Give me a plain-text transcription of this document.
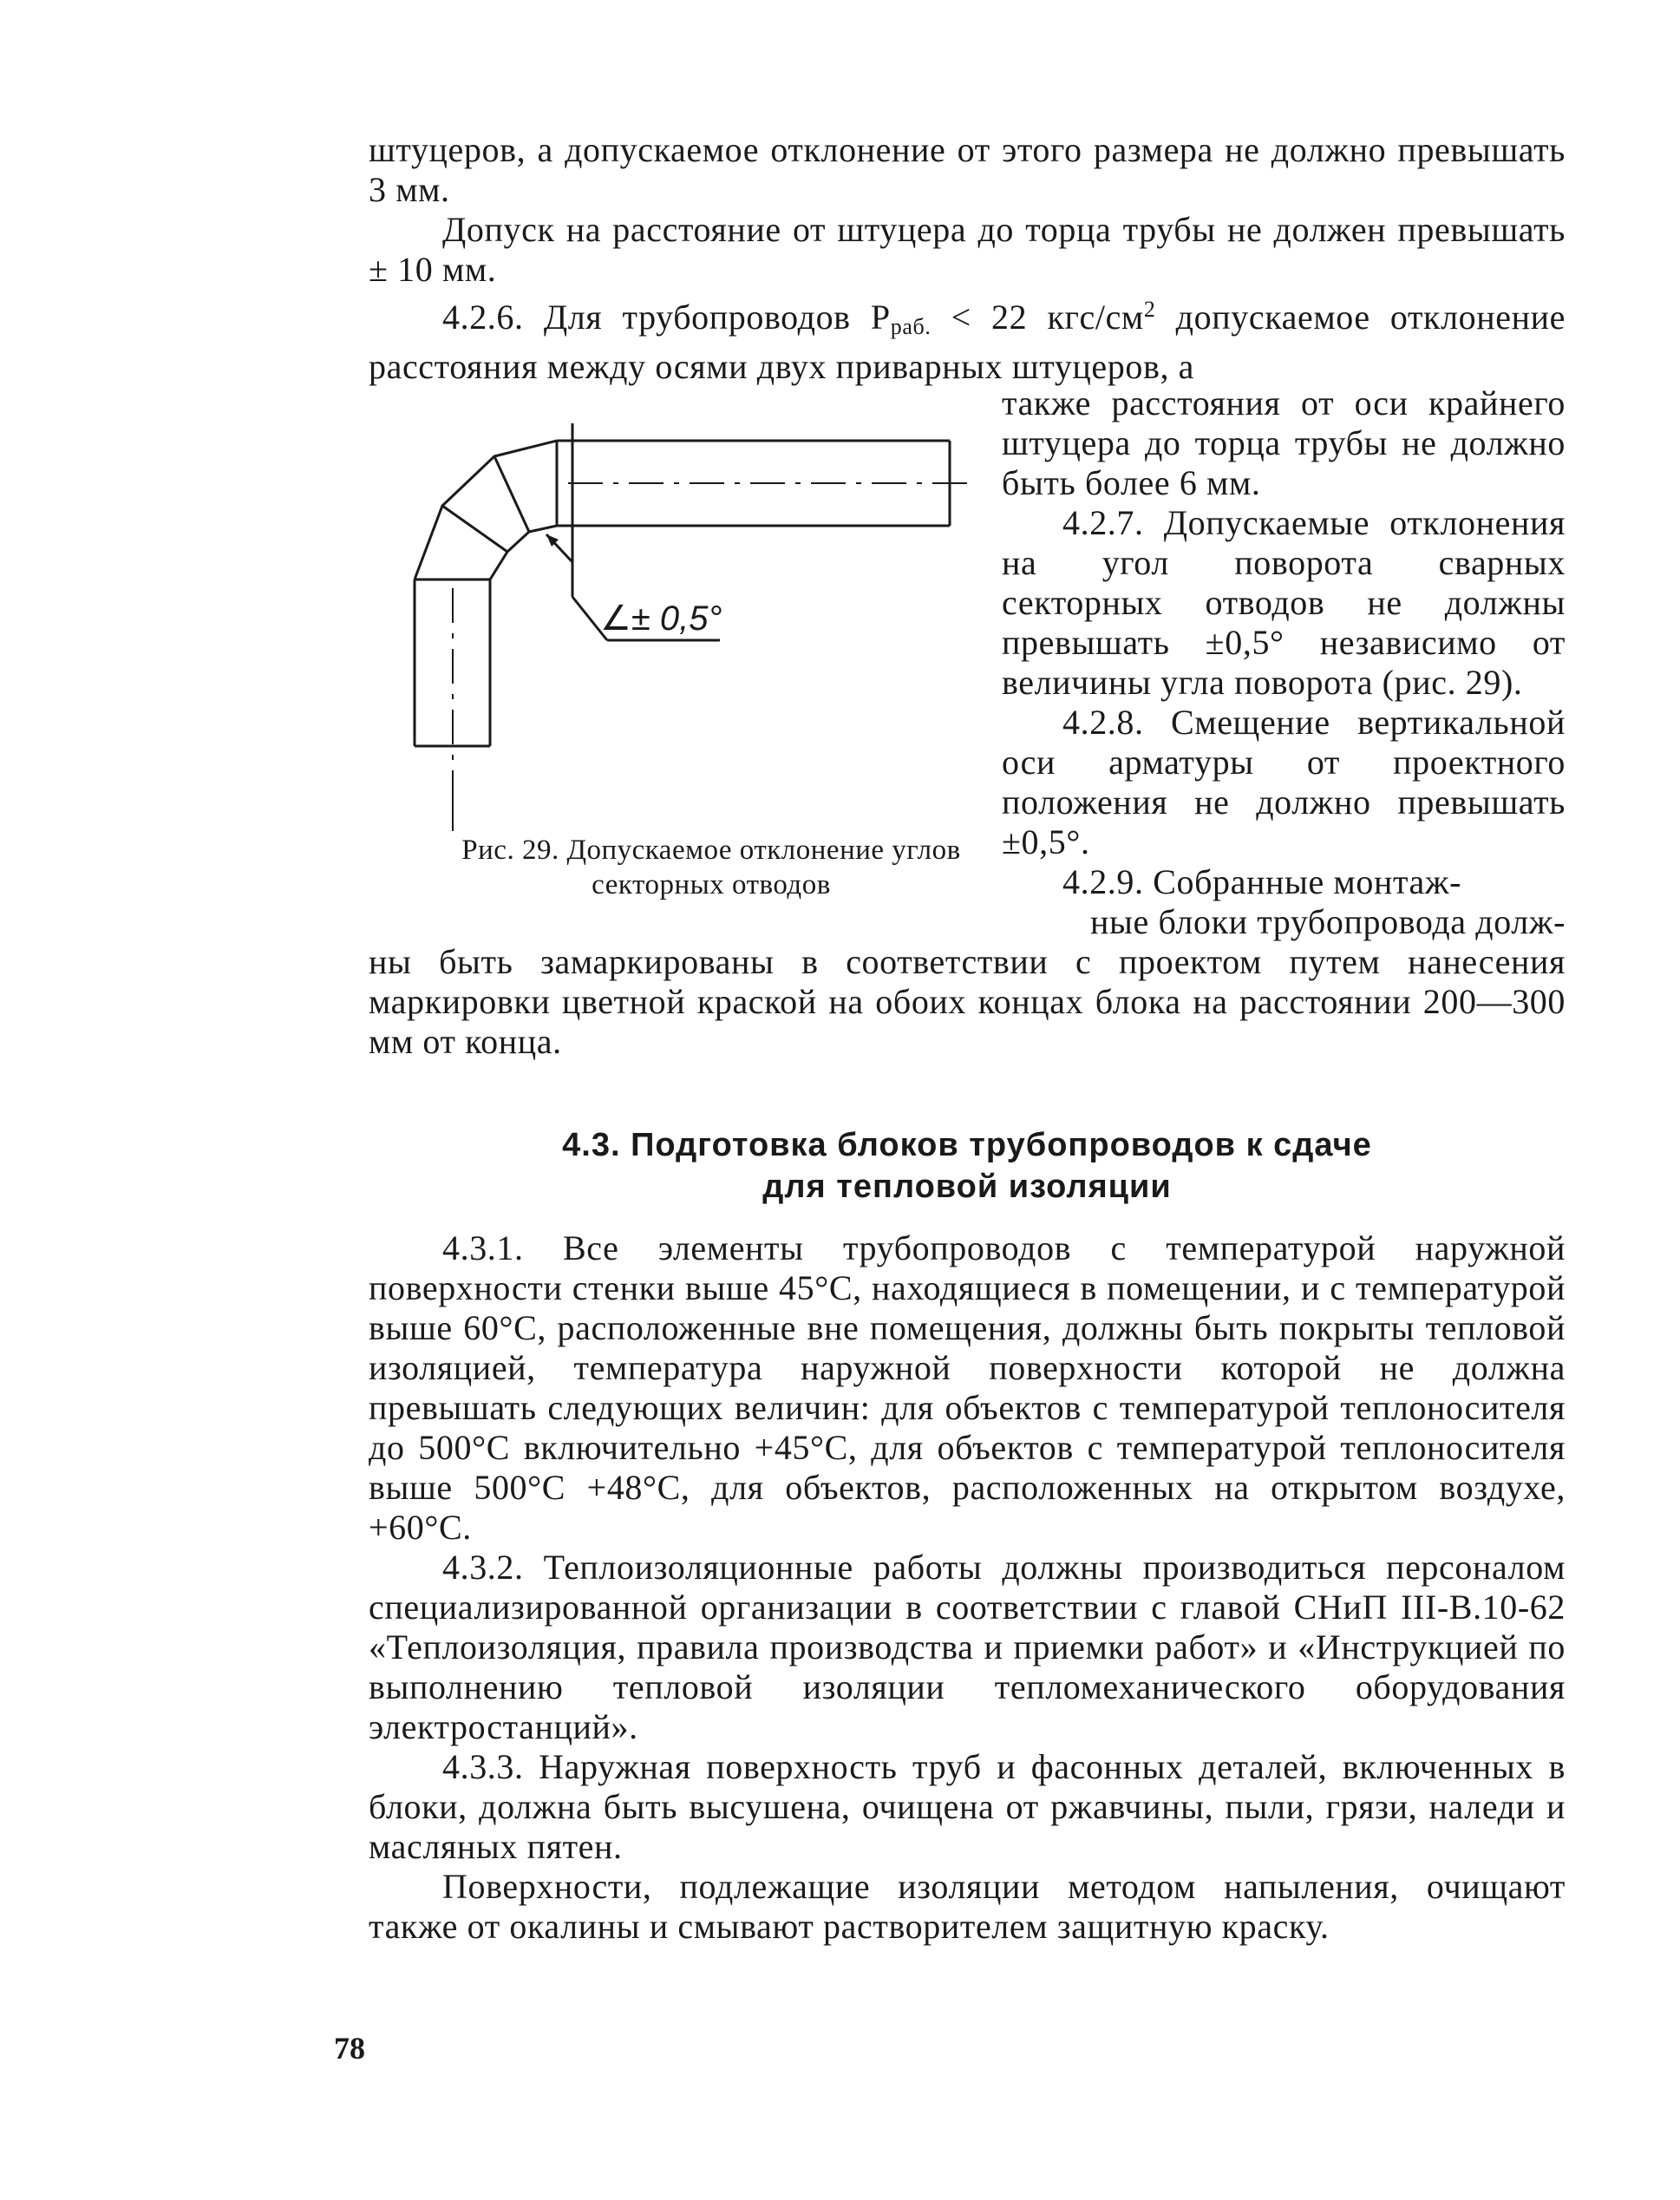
штуцеров, а допускаемое отклонение от этого размера не должно превышать 3 мм.

Допуск на расстояние от штуцера до торца трубы не должен превышать ± 10 мм.

4.2.6. Для трубопроводов $P_{раб.} < 22$ кгс/$см^2$ допускаемое отклонение расстояния между осями двух приварных штуцеров, а

∠± 0,5°
Рис. 29. Допускаемое отклонение углов секторных отводов

также расстояния от оси крайнего штуцера до торца трубы не должно быть более 6 мм.

4.2.7. Допускаемые отклонения на угол поворота сварных секторных отводов не должны превышать ±0,5° независимо от величины угла поворота (рис. 29).

4.2.8. Смещение вертикальной оси арматуры от проектного положения не должно превышать ±0,5°.

4.2.9. Собранные монтаж-

ные блоки трубопровода долж-

ны быть замаркированы в соответствии с проектом путем нанесения маркировки цветной краской на обоих концах блока на расстоянии 200—300 мм от конца.

4.3. Подготовка блоков трубопроводов к сдаче
для тепловой изоляции

4.3.1. Все элементы трубопроводов с температурой наружной поверхности стенки выше 45°С, находящиеся в помещении, и с температурой выше 60°С, расположенные вне помещения, должны быть покрыты тепловой изоляцией, температура наружной поверхности которой не должна превышать следующих величин: для объектов с температурой теплоносителя до 500°С включительно +45°С, для объектов с температурой теплоносителя выше 500°С +48°С, для объектов, расположенных на открытом воздухе, +60°С.

4.3.2. Теплоизоляционные работы должны производиться персоналом специализированной организации в соответствии с главой СНиП III-В.10-62 «Теплоизоляция, правила производства и приемки работ» и «Инструкцией по выполнению тепловой изоляции тепломеханического оборудования электростанций».

4.3.3. Наружная поверхность труб и фасонных деталей, включенных в блоки, должна быть высушена, очищена от ржавчины, пыли, грязи, наледи и масляных пятен.

Поверхности, подлежащие изоляции методом напыления, очищают также от окалины и смывают растворителем защитную краску.

78
